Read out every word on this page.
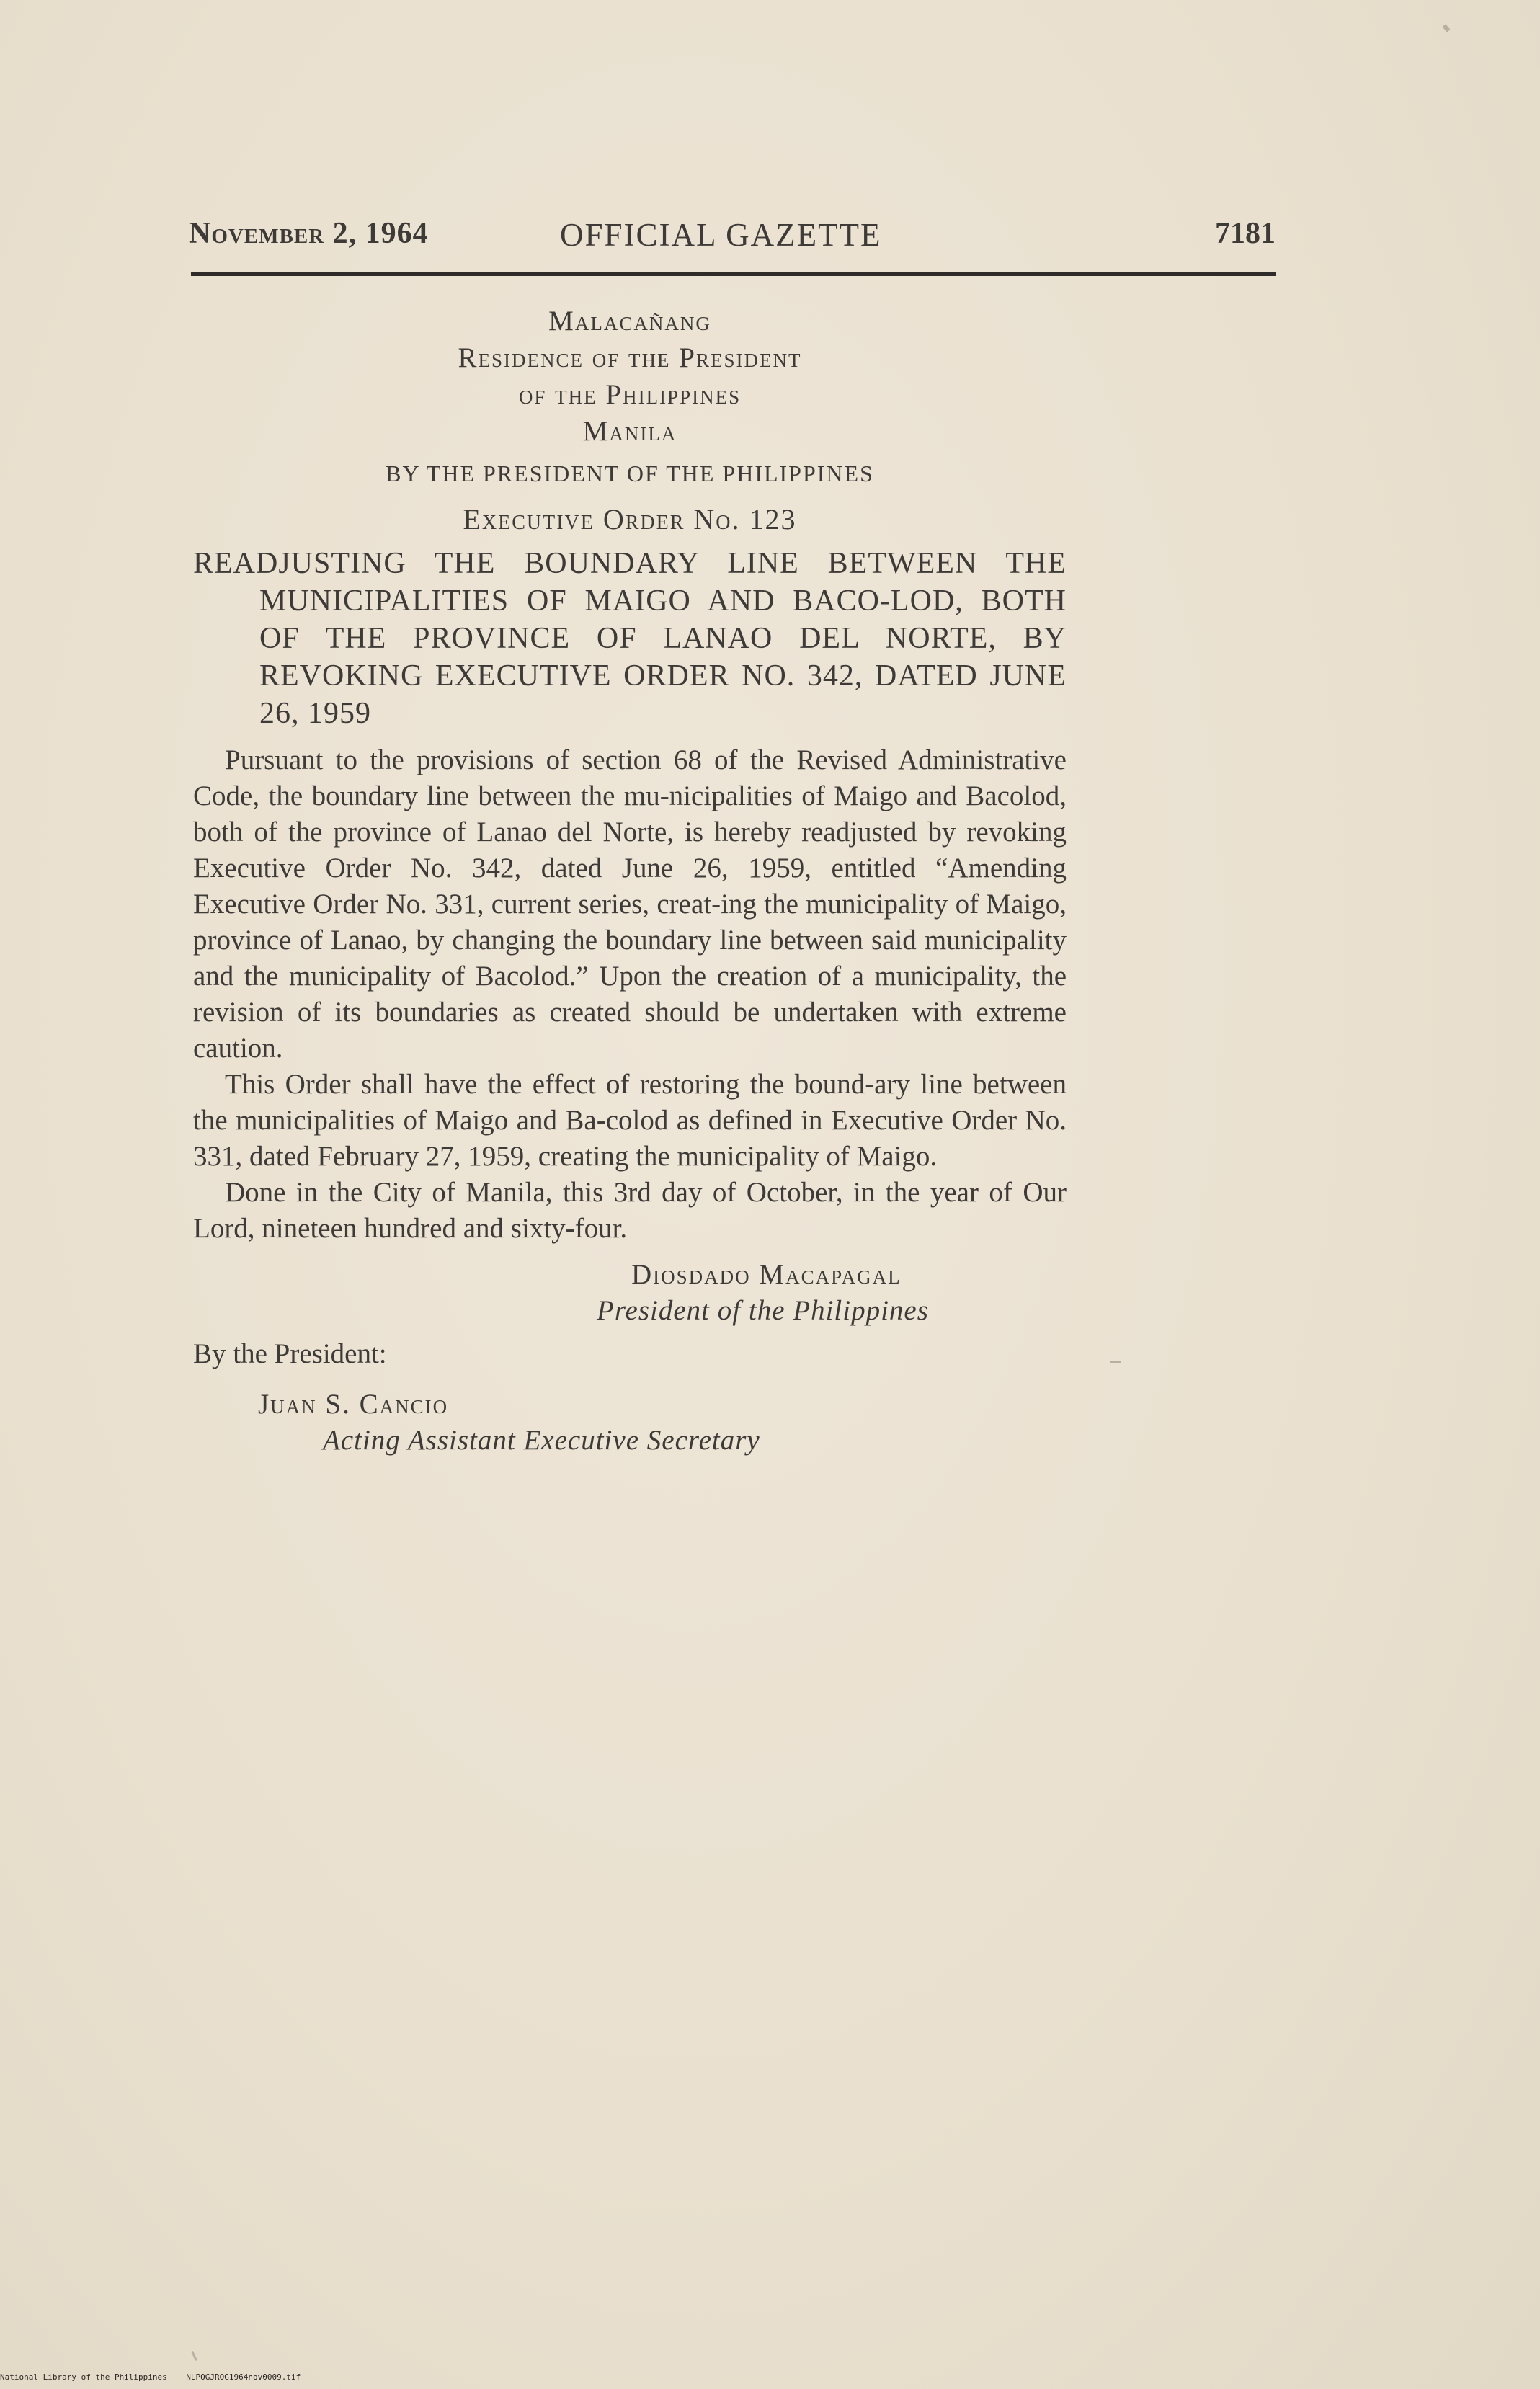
November 2, 1964	OFFICIAL GAZETTE	7181
Malacañang
Residence of the President
of the Philippines
Manila
BY THE PRESIDENT OF THE PHILIPPINES
Executive Order No. 123
READJUSTING THE BOUNDARY LINE BETWEEN THE MUNICIPALITIES OF MAIGO AND BACO-LOD, BOTH OF THE PROVINCE OF LANAO DEL NORTE, BY REVOKING EXECUTIVE ORDER NO. 342, DATED JUNE 26, 1959

Pursuant to the provisions of section 68 of the Revised Administrative Code, the boundary line between the mu-nicipalities of Maigo and Bacolod, both of the province of Lanao del Norte, is hereby readjusted by revoking Executive Order No. 342, dated June 26, 1959, entitled “Amending Executive Order No. 331, current series, creat-ing the municipality of Maigo, province of Lanao, by changing the boundary line between said municipality and the municipality of Bacolod.” Upon the creation of a municipality, the revision of its boundaries as created should be undertaken with extreme caution.

This Order shall have the effect of restoring the bound-ary line between the municipalities of Maigo and Ba-colod as defined in Executive Order No. 331, dated February 27, 1959, creating the municipality of Maigo.

Done in the City of Manila, this 3rd day of October, in the year of Our Lord, nineteen hundred and sixty-four.

Diosdado Macapagal
President of the Philippines
By the President:
Juan S. Cancio
Acting Assistant Executive Secretary
National Library of the Philippines NLPOGJROG1964nov0009.tif
